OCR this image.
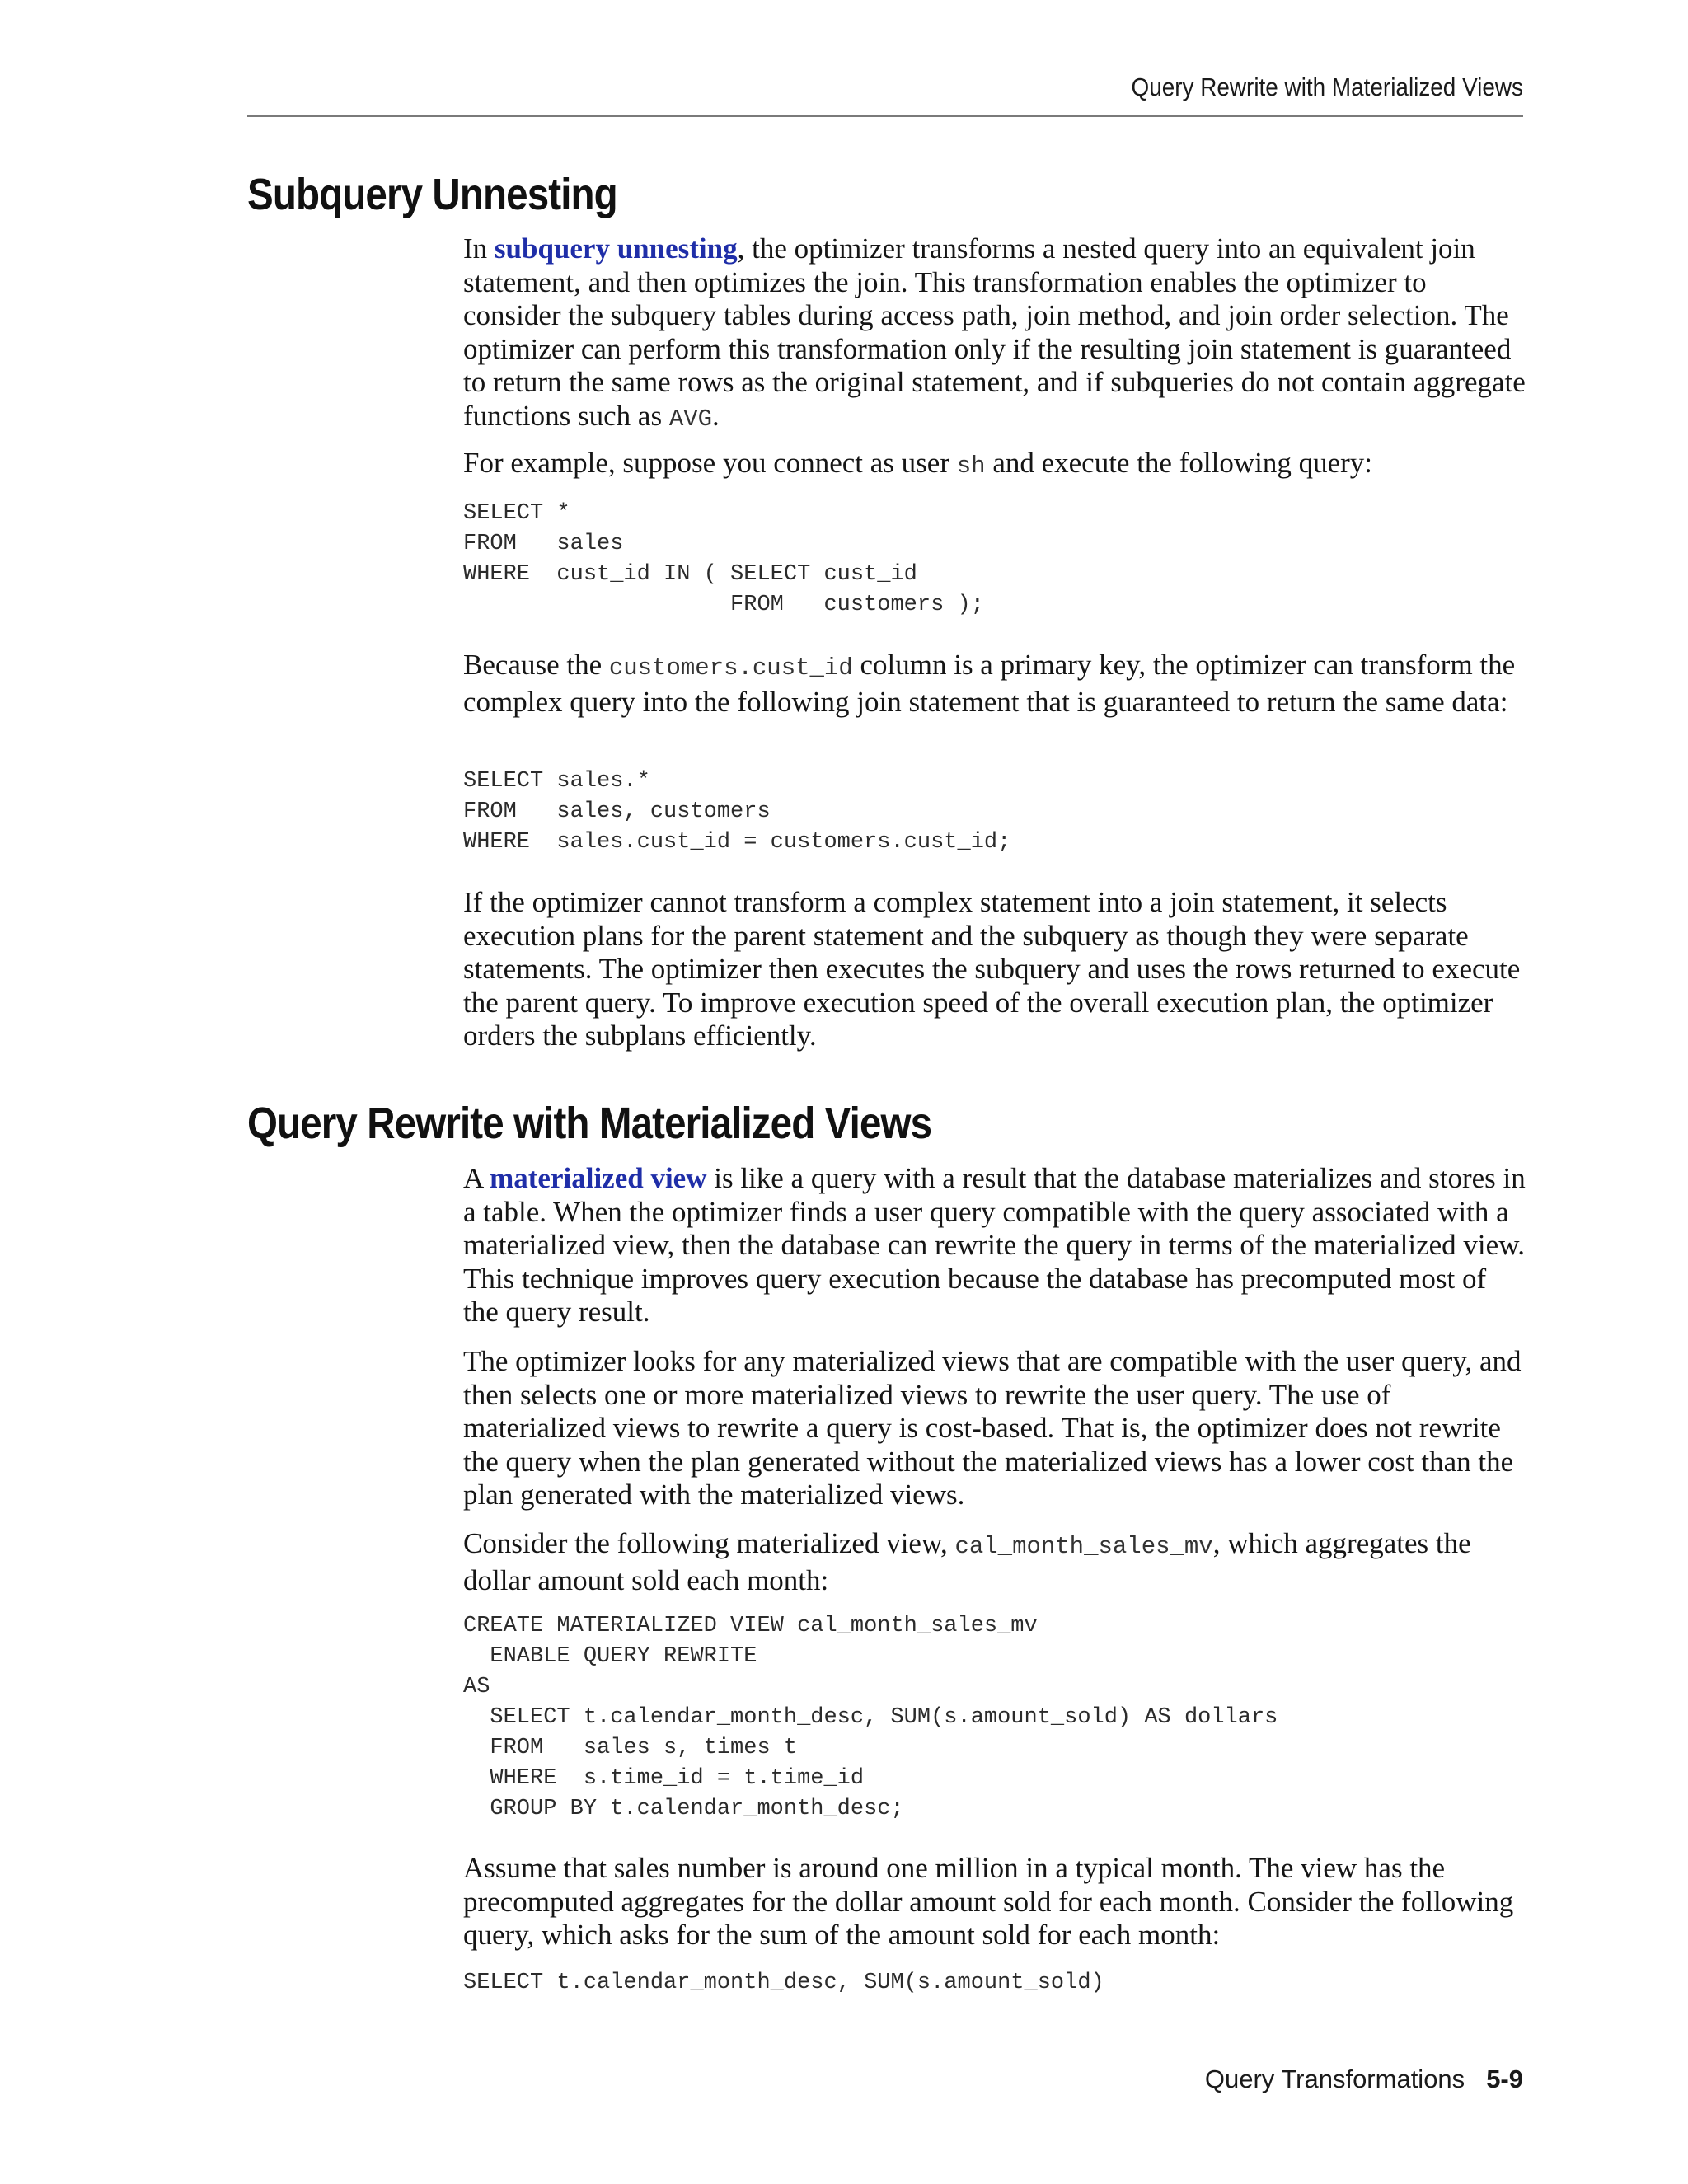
Query Rewrite with Materialized Views
Subquery Unnesting

In subquery unnesting, the optimizer transforms a nested query into an equivalent join statement, and then optimizes the join. This transformation enables the optimizer to consider the subquery tables during access path, join method, and join order selection. The optimizer can perform this transformation only if the resulting join statement is guaranteed to return the same rows as the original statement, and if subqueries do not contain aggregate functions such as AVG.

For example, suppose you connect as user sh and execute the following query:

SELECT *
FROM   sales
WHERE  cust_id IN ( SELECT cust_id
FROM   customers );

Because the customers.cust_id column is a primary key, the optimizer can transform the complex query into the following join statement that is guaranteed to return the same data:

SELECT sales.*
FROM   sales, customers
WHERE  sales.cust_id = customers.cust_id;

If the optimizer cannot transform a complex statement into a join statement, it selects execution plans for the parent statement and the subquery as though they were separate statements. The optimizer then executes the subquery and uses the rows returned to execute the parent query. To improve execution speed of the overall execution plan, the optimizer orders the subplans efficiently.

Query Rewrite with Materialized Views

A materialized view is like a query with a result that the database materializes and stores in a table. When the optimizer finds a user query compatible with the query associated with a materialized view, then the database can rewrite the query in terms of the materialized view. This technique improves query execution because the database has precomputed most of the query result.

The optimizer looks for any materialized views that are compatible with the user query, and then selects one or more materialized views to rewrite the user query. The use of materialized views to rewrite a query is cost-based. That is, the optimizer does not rewrite the query when the plan generated without the materialized views has a lower cost than the plan generated with the materialized views.

Consider the following materialized view, cal_month_sales_mv, which aggregates the dollar amount sold each month:

CREATE MATERIALIZED VIEW cal_month_sales_mv
ENABLE QUERY REWRITE
AS
SELECT t.calendar_month_desc, SUM(s.amount_sold) AS dollars
FROM   sales s, times t
WHERE  s.time_id = t.time_id
GROUP BY t.calendar_month_desc;

Assume that sales number is around one million in a typical month. The view has the precomputed aggregates for the dollar amount sold for each month. Consider the following query, which asks for the sum of the amount sold for each month:

SELECT t.calendar_month_desc, SUM(s.amount_sold)
Query Transformations 5-9
